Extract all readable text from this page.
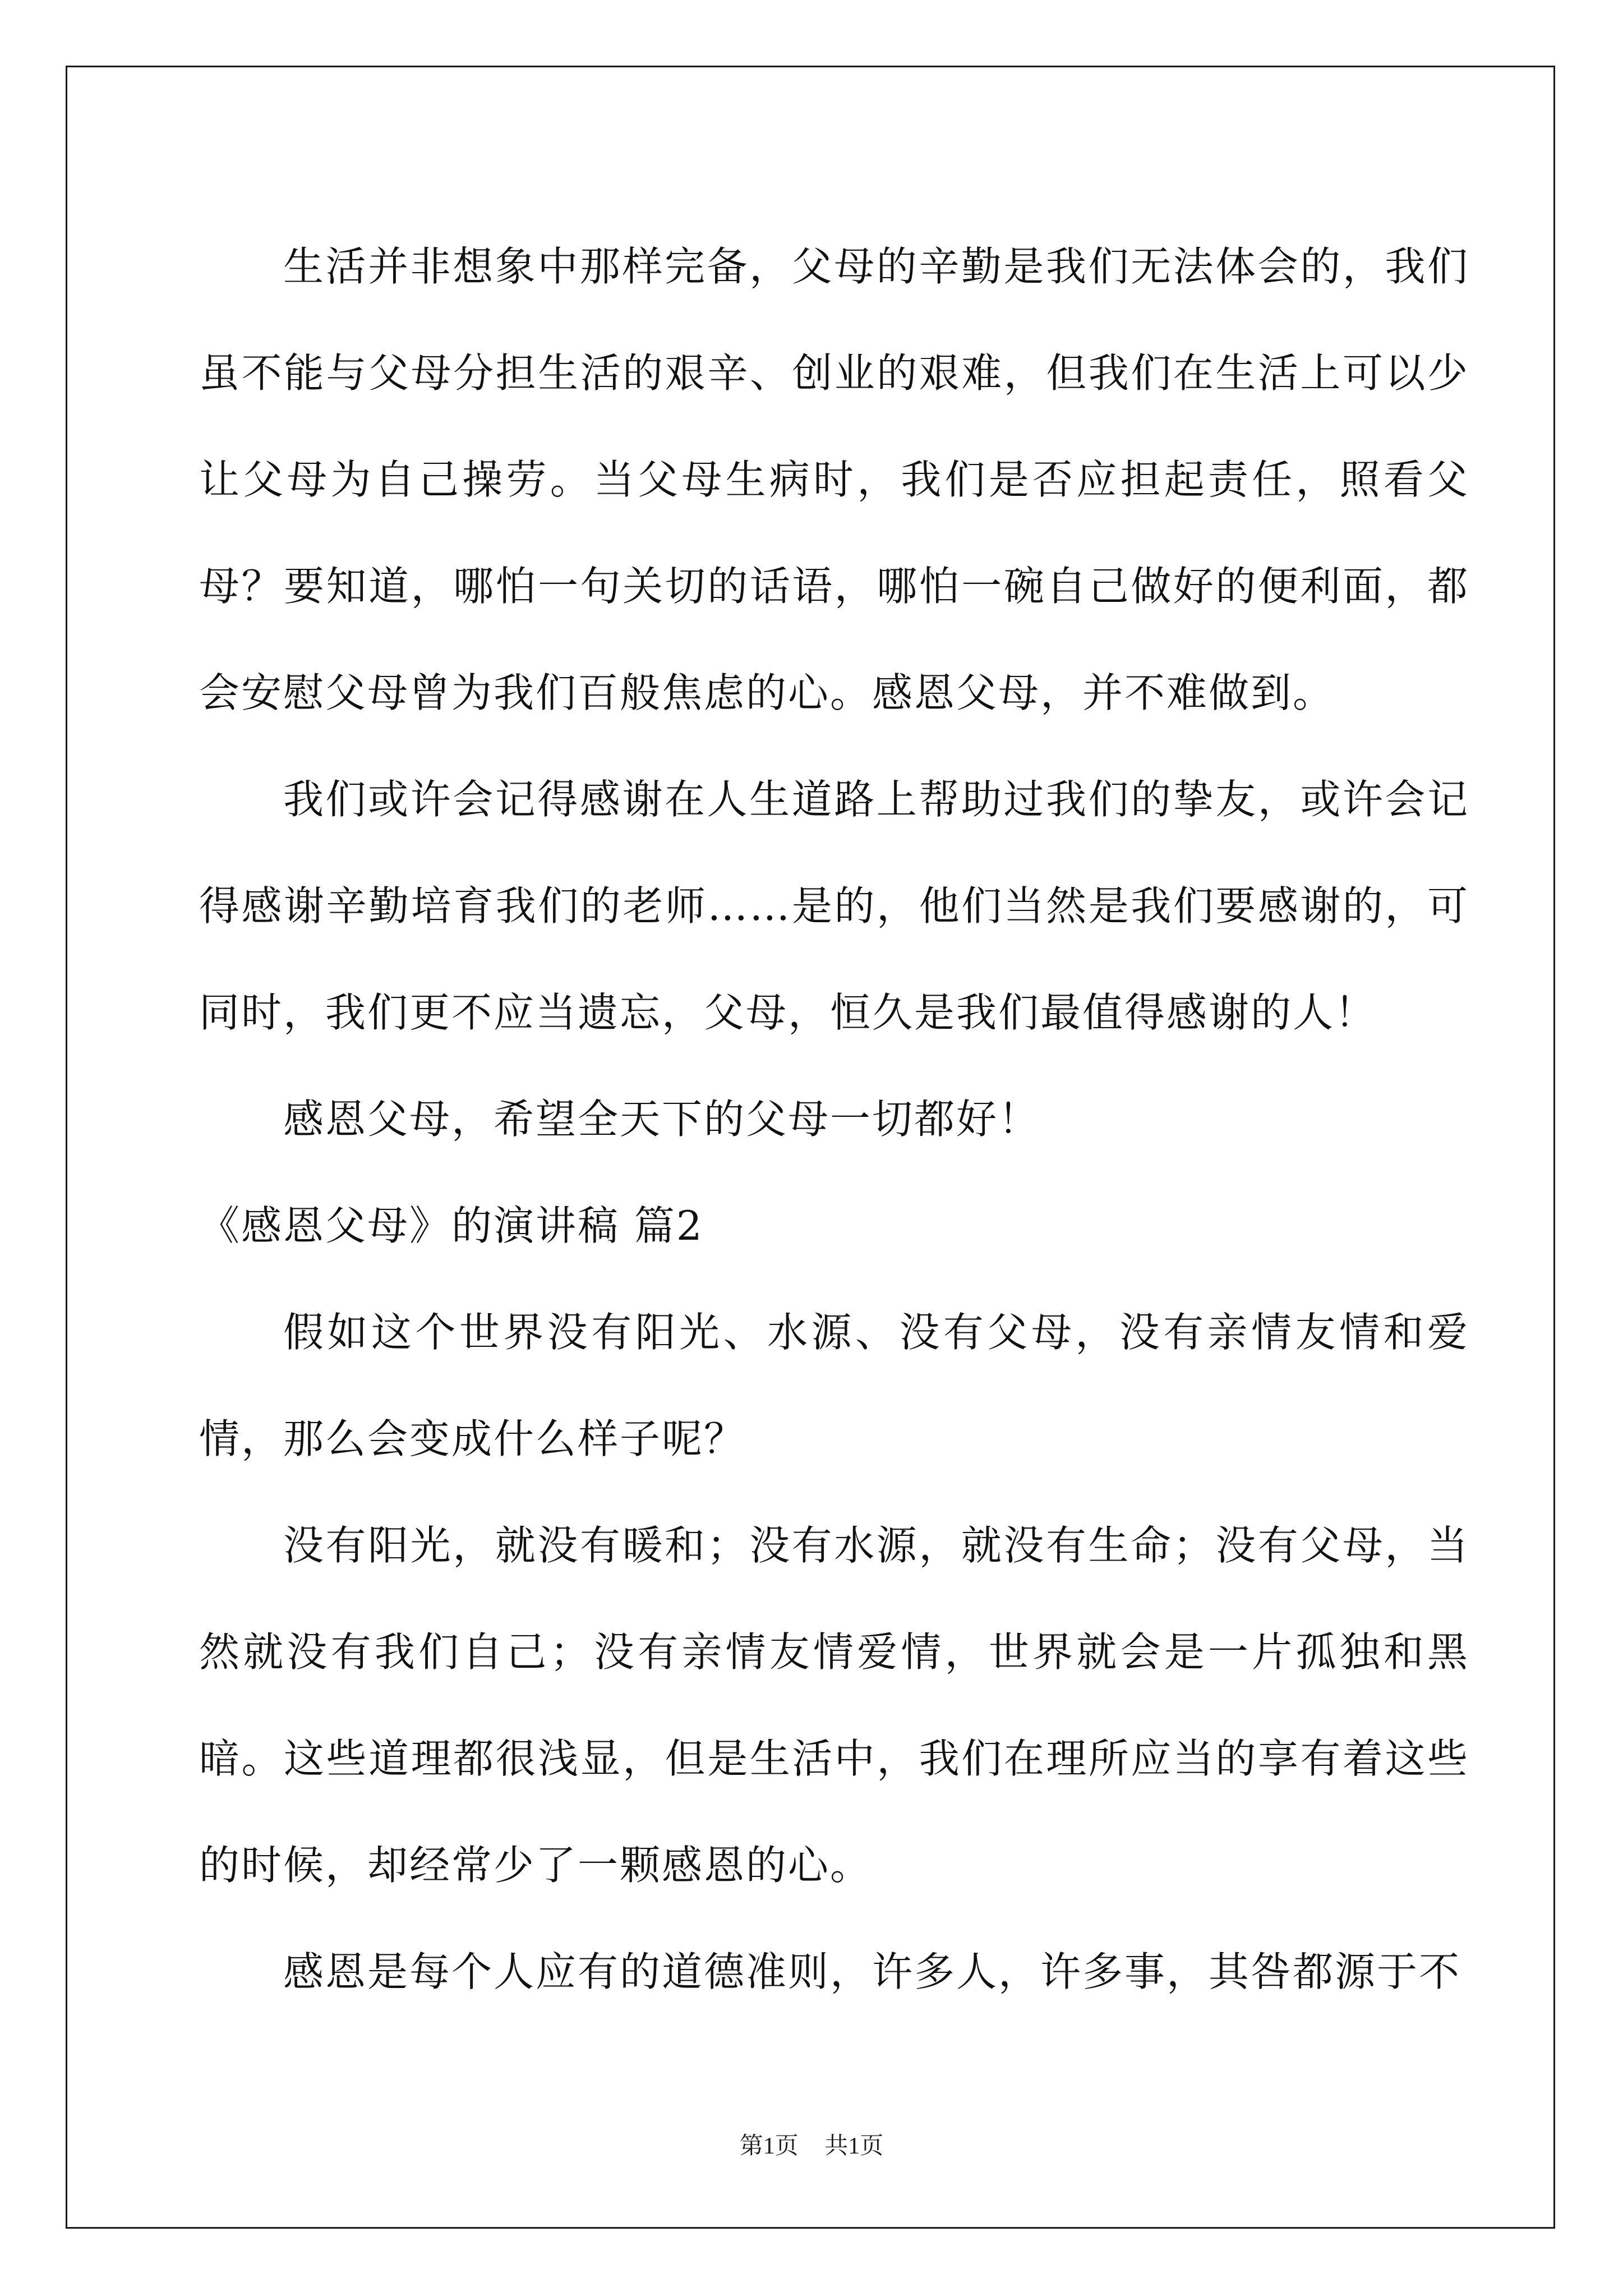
生活并非想象中那样完备，父母的辛勤是我们无法体会的，我们虽不能与父母分担生活的艰辛、创业的艰难，但我们在生活上可以少让父母为自己操劳。当父母生病时，我们是否应担起责任，照看父母？要知道，哪怕一句关切的话语，哪怕一碗自己做好的便利面，都会安慰父母曾为我们百般焦虑的心。感恩父母，并不难做到。

我们或许会记得感谢在人生道路上帮助过我们的挚友，或许会记得感谢辛勤培育我们的老师……是的，他们当然是我们要感谢的，可同时，我们更不应当遗忘，父母，恒久是我们最值得感谢的人！

感恩父母，希望全天下的父母一切都好！

《感恩父母》的演讲稿 篇2

假如这个世界没有阳光、水源、没有父母，没有亲情友情和爱情，那么会变成什么样子呢？

没有阳光，就没有暖和；没有水源，就没有生命；没有父母，当然就没有我们自己；没有亲情友情爱情，世界就会是一片孤独和黑暗。这些道理都很浅显，但是生活中，我们在理所应当的享有着这些的时候，却经常少了一颗感恩的心。

感恩是每个人应有的道德准则，许多人，许多事，其咎都源于不

第1页 共1页
